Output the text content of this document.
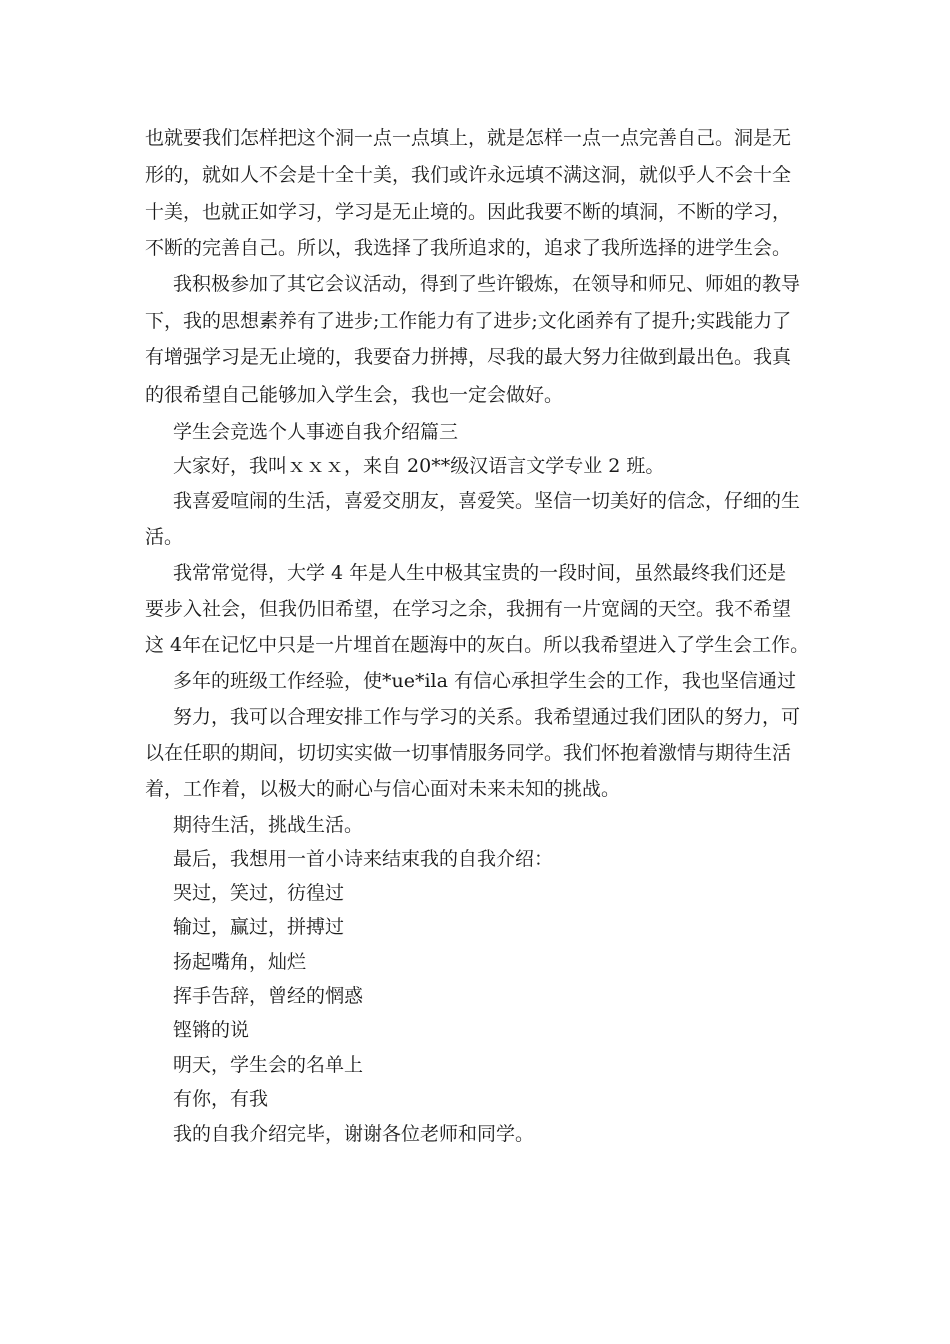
也就要我们怎样把这个洞一点一点填上，就是怎样一点一点完善自己。洞是无

形的，就如人不会是十全十美，我们或许永远填不满这洞，就似乎人不会十全

十美，也就正如学习，学习是无止境的。因此我要不断的填洞，不断的学习，

不断的完善自己。所以，我选择了我所追求的，追求了我所选择的进学生会。

我积极参加了其它会议活动，得到了些许锻炼，在领导和师兄、师姐的教导

下，我的思想素养有了进步;工作能力有了进步;文化函养有了提升;实践能力了

有增强学习是无止境的，我要奋力拼搏，尽我的最大努力往做到最出色。我真

的很希望自己能够加入学生会，我也一定会做好。

学生会竞选个人事迹自我介绍篇三

大家好，我叫ｘｘｘ，来自 20**级汉语言文学专业 2 班。

我喜爱喧闹的生活，喜爱交朋友，喜爱笑。坚信一切美好的信念，仔细的生

活。

我常常觉得，大学 4 年是人生中极其宝贵的一段时间，虽然最终我们还是

要步入社会，但我仍旧希望，在学习之余，我拥有一片宽阔的天空。我不希望

这 4年在记忆中只是一片埋首在题海中的灰白。所以我希望进入了学生会工作。

多年的班级工作经验，使*ue*ila 有信心承担学生会的工作，我也坚信通过

努力，我可以合理安排工作与学习的关系。我希望通过我们团队的努力，可

以在任职的期间，切切实实做一切事情服务同学。我们怀抱着激情与期待生活

着，工作着，以极大的耐心与信心面对未来未知的挑战。

期待生活，挑战生活。

最后，我想用一首小诗来结束我的自我介绍：

哭过，笑过，彷徨过

输过，赢过，拼搏过

扬起嘴角，灿烂

挥手告辞，曾经的惘惑

铿锵的说

明天，学生会的名单上

有你，有我

我的自我介绍完毕，谢谢各位老师和同学。
